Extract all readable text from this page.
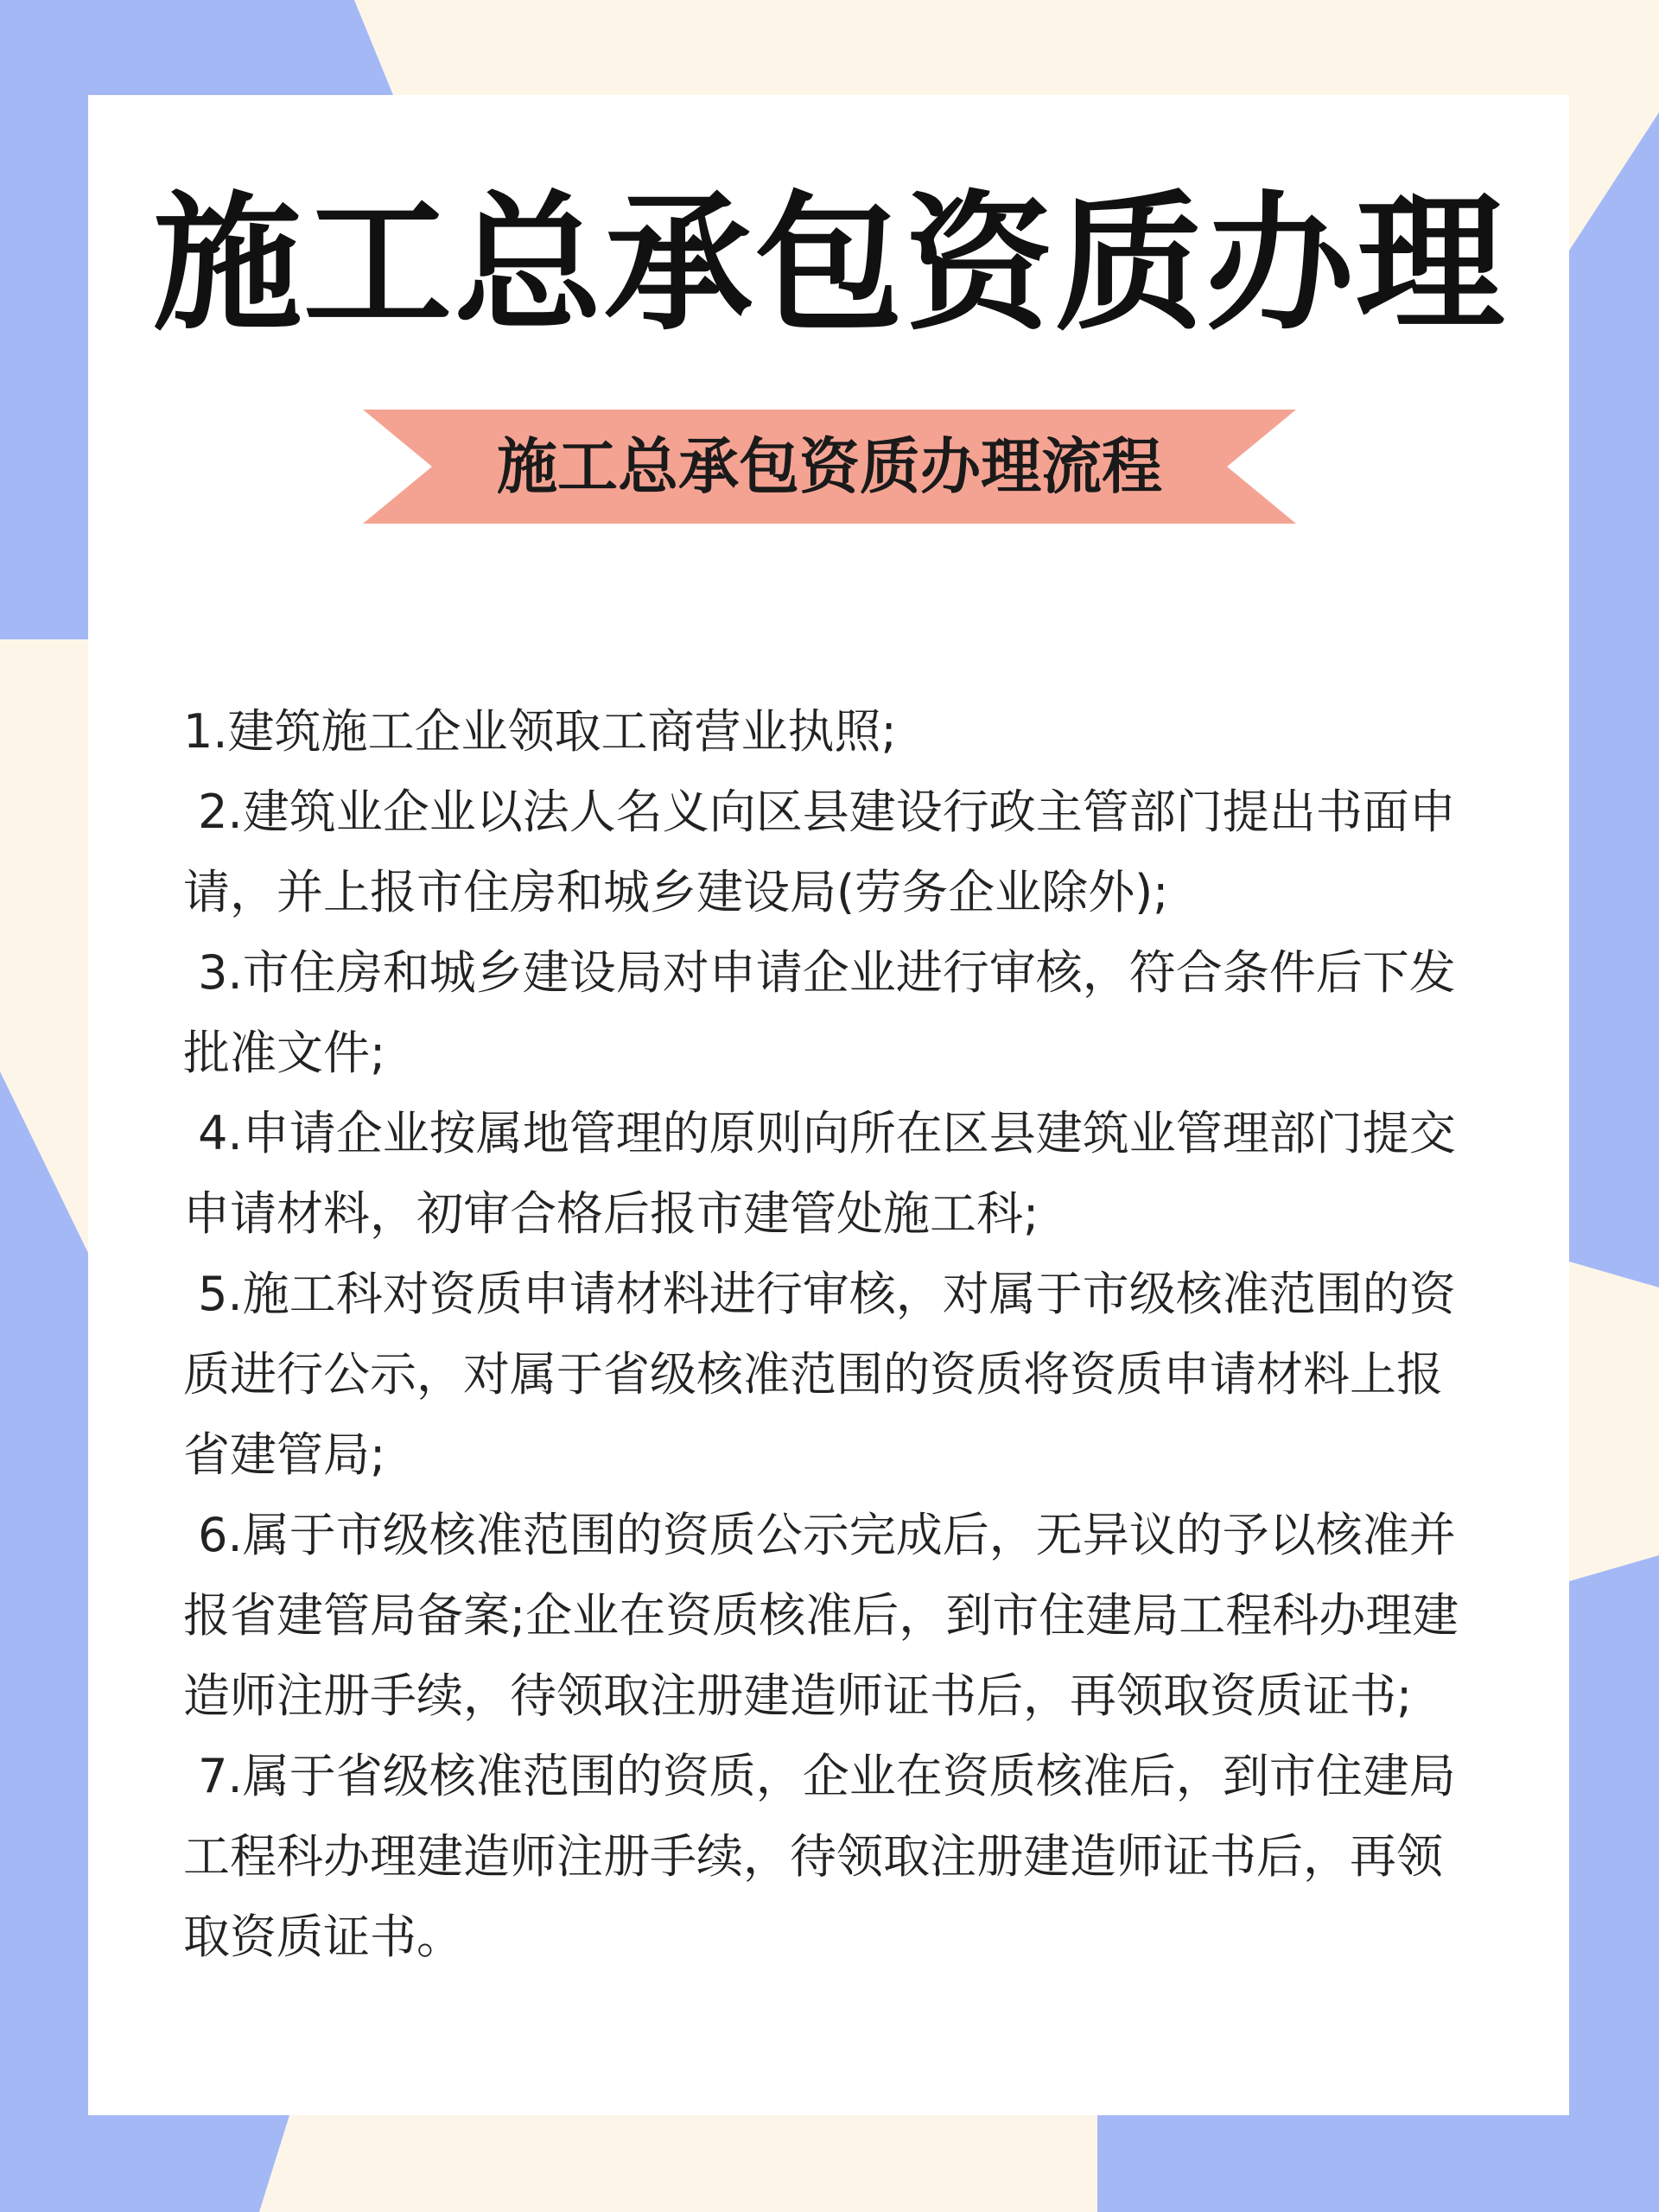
施工总承包资质办理
施工总承包资质办理流程

1.建筑施工企业领取工商营业执照;

2.建筑业企业以法人名义向区县建设行政主管部门提出书面申请，并上报市住房和城乡建设局(劳务企业除外);

3.市住房和城乡建设局对申请企业进行审核，符合条件后下发批准文件;

4.申请企业按属地管理的原则向所在区县建筑业管理部门提交申请材料，初审合格后报市建管处施工科;

5.施工科对资质申请材料进行审核，对属于市级核准范围的资质进行公示，对属于省级核准范围的资质将资质申请材料上报省建管局;

6.属于市级核准范围的资质公示完成后，无异议的予以核准并报省建管局备案;企业在资质核准后，到市住建局工程科办理建造师注册手续，待领取注册建造师证书后，再领取资质证书;

7.属于省级核准范围的资质，企业在资质核准后，到市住建局工程科办理建造师注册手续，待领取注册建造师证书后，再领取资质证书。
